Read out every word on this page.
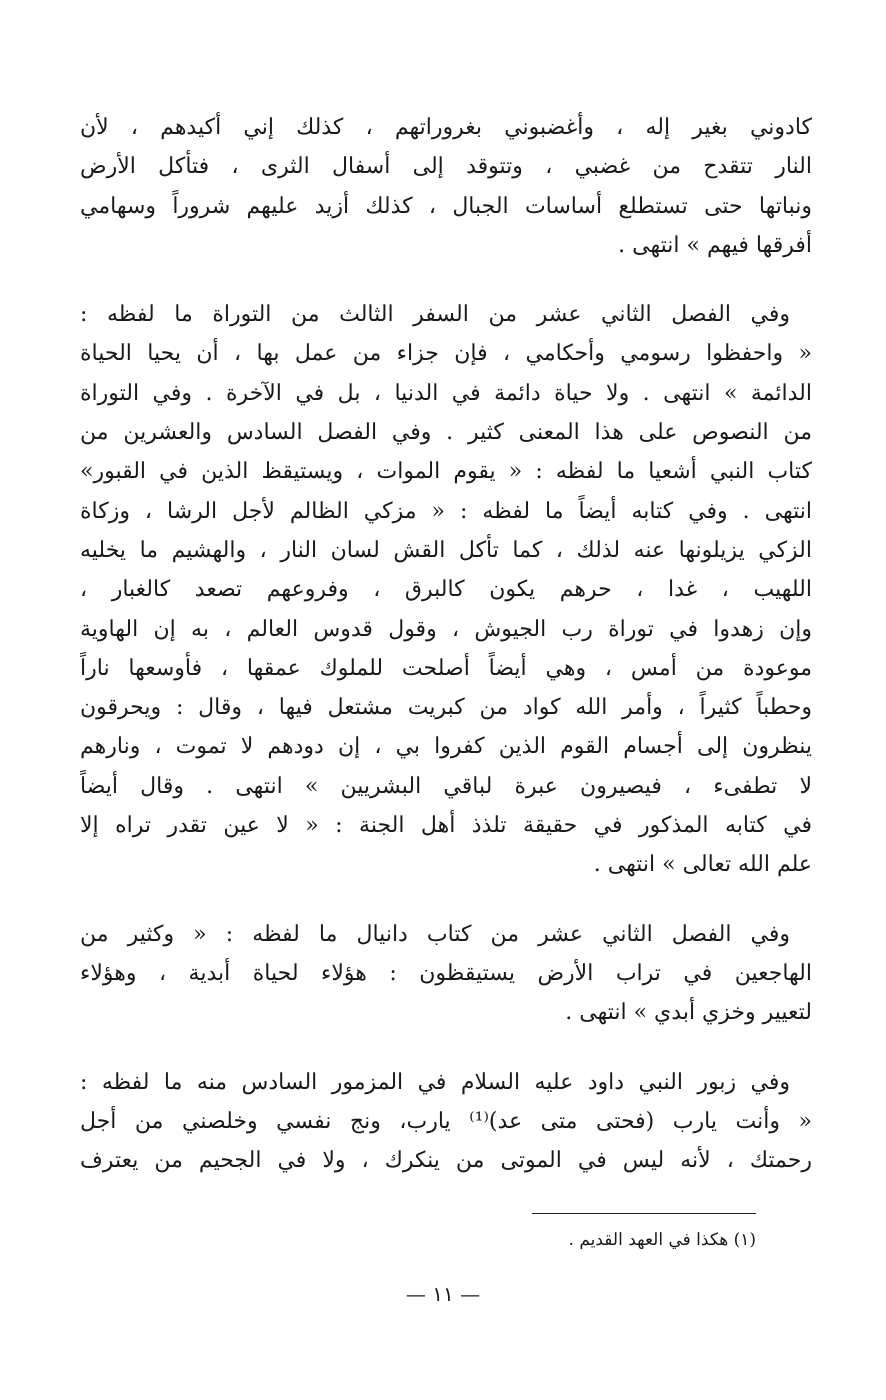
كادوني بغير إله ، وأغضبوني بغروراتهم ، كذلك إني أكيدهم ، لأن
النار تتقدح من غضبي ، وتتوقد إلى أسفال الثرى ، فتأكل الأرض
ونباتها حتى تستطلع أساسات الجبال ، كذلك أزيد عليهم شروراً وسهامي
أفرقها فيهم » انتهى .
وفي الفصل الثاني عشر من السفر الثالث من التوراة ما لفظه :
« واحفظوا رسومي وأحكامي ، فإن جزاء من عمل بها ، أن يحيا الحياة
الدائمة » انتهى . ولا حياة دائمة في الدنيا ، بل في الآخرة . وفي التوراة
من النصوص على هذا المعنى كثير . وفي الفصل السادس والعشرين من
كتاب النبي أشعيا ما لفظه : « يقوم الموات ، ويستيقظ الذين في القبور»
انتهى . وفي كتابه أيضاً ما لفظه : « مزكي الظالم لأجل الرشا ، وزكاة
الزكي يزيلونها عنه لذلك ، كما تأكل القش لسان النار ، والهشيم ما يخليه
اللهيب ، غدا ، حرهم يكون كالبرق ، وفروعهم تصعد كالغبار ،
وإن زهدوا في توراة رب الجيوش ، وقول قدوس العالم ، به إن الهاوية
موعودة من أمس ، وهي أيضاً أصلحت للملوك عمقها ، فأوسعها ناراً
وحطباً كثيراً ، وأمر الله كواد من كبريت مشتعل فيها ، وقال : ويحرقون
ينظرون إلى أجسام القوم الذين كفروا بي ، إن دودهم لا تموت ، ونارهم
لا تطفىء ، فيصيرون عبرة لباقي البشريين » انتهى . وقال أيضاً
في كتابه المذكور في حقيقة تلذذ أهل الجنة : « لا عين تقدر تراه إلا
علم الله تعالى » انتهى .
وفي الفصل الثاني عشر من كتاب دانيال ما لفظه : « وكثير من
الهاجعين في تراب الأرض يستيقظون : هؤلاء لحياة أبدية ، وهؤلاء
لتعيير وخزي أبدي » انتهى .
وفي زبور النبي داود عليه السلام في المزمور السادس منه ما لفظه :
« وأنت يارب (فحتى متى عد)⁽¹⁾ يارب، ونج نفسي وخلصني من أجل
رحمتك ، لأنه ليس في الموتى من ينكرك ، ولا في الجحيم من يعترف
(١) هكذا في العهد القديم .
— ١١ —
